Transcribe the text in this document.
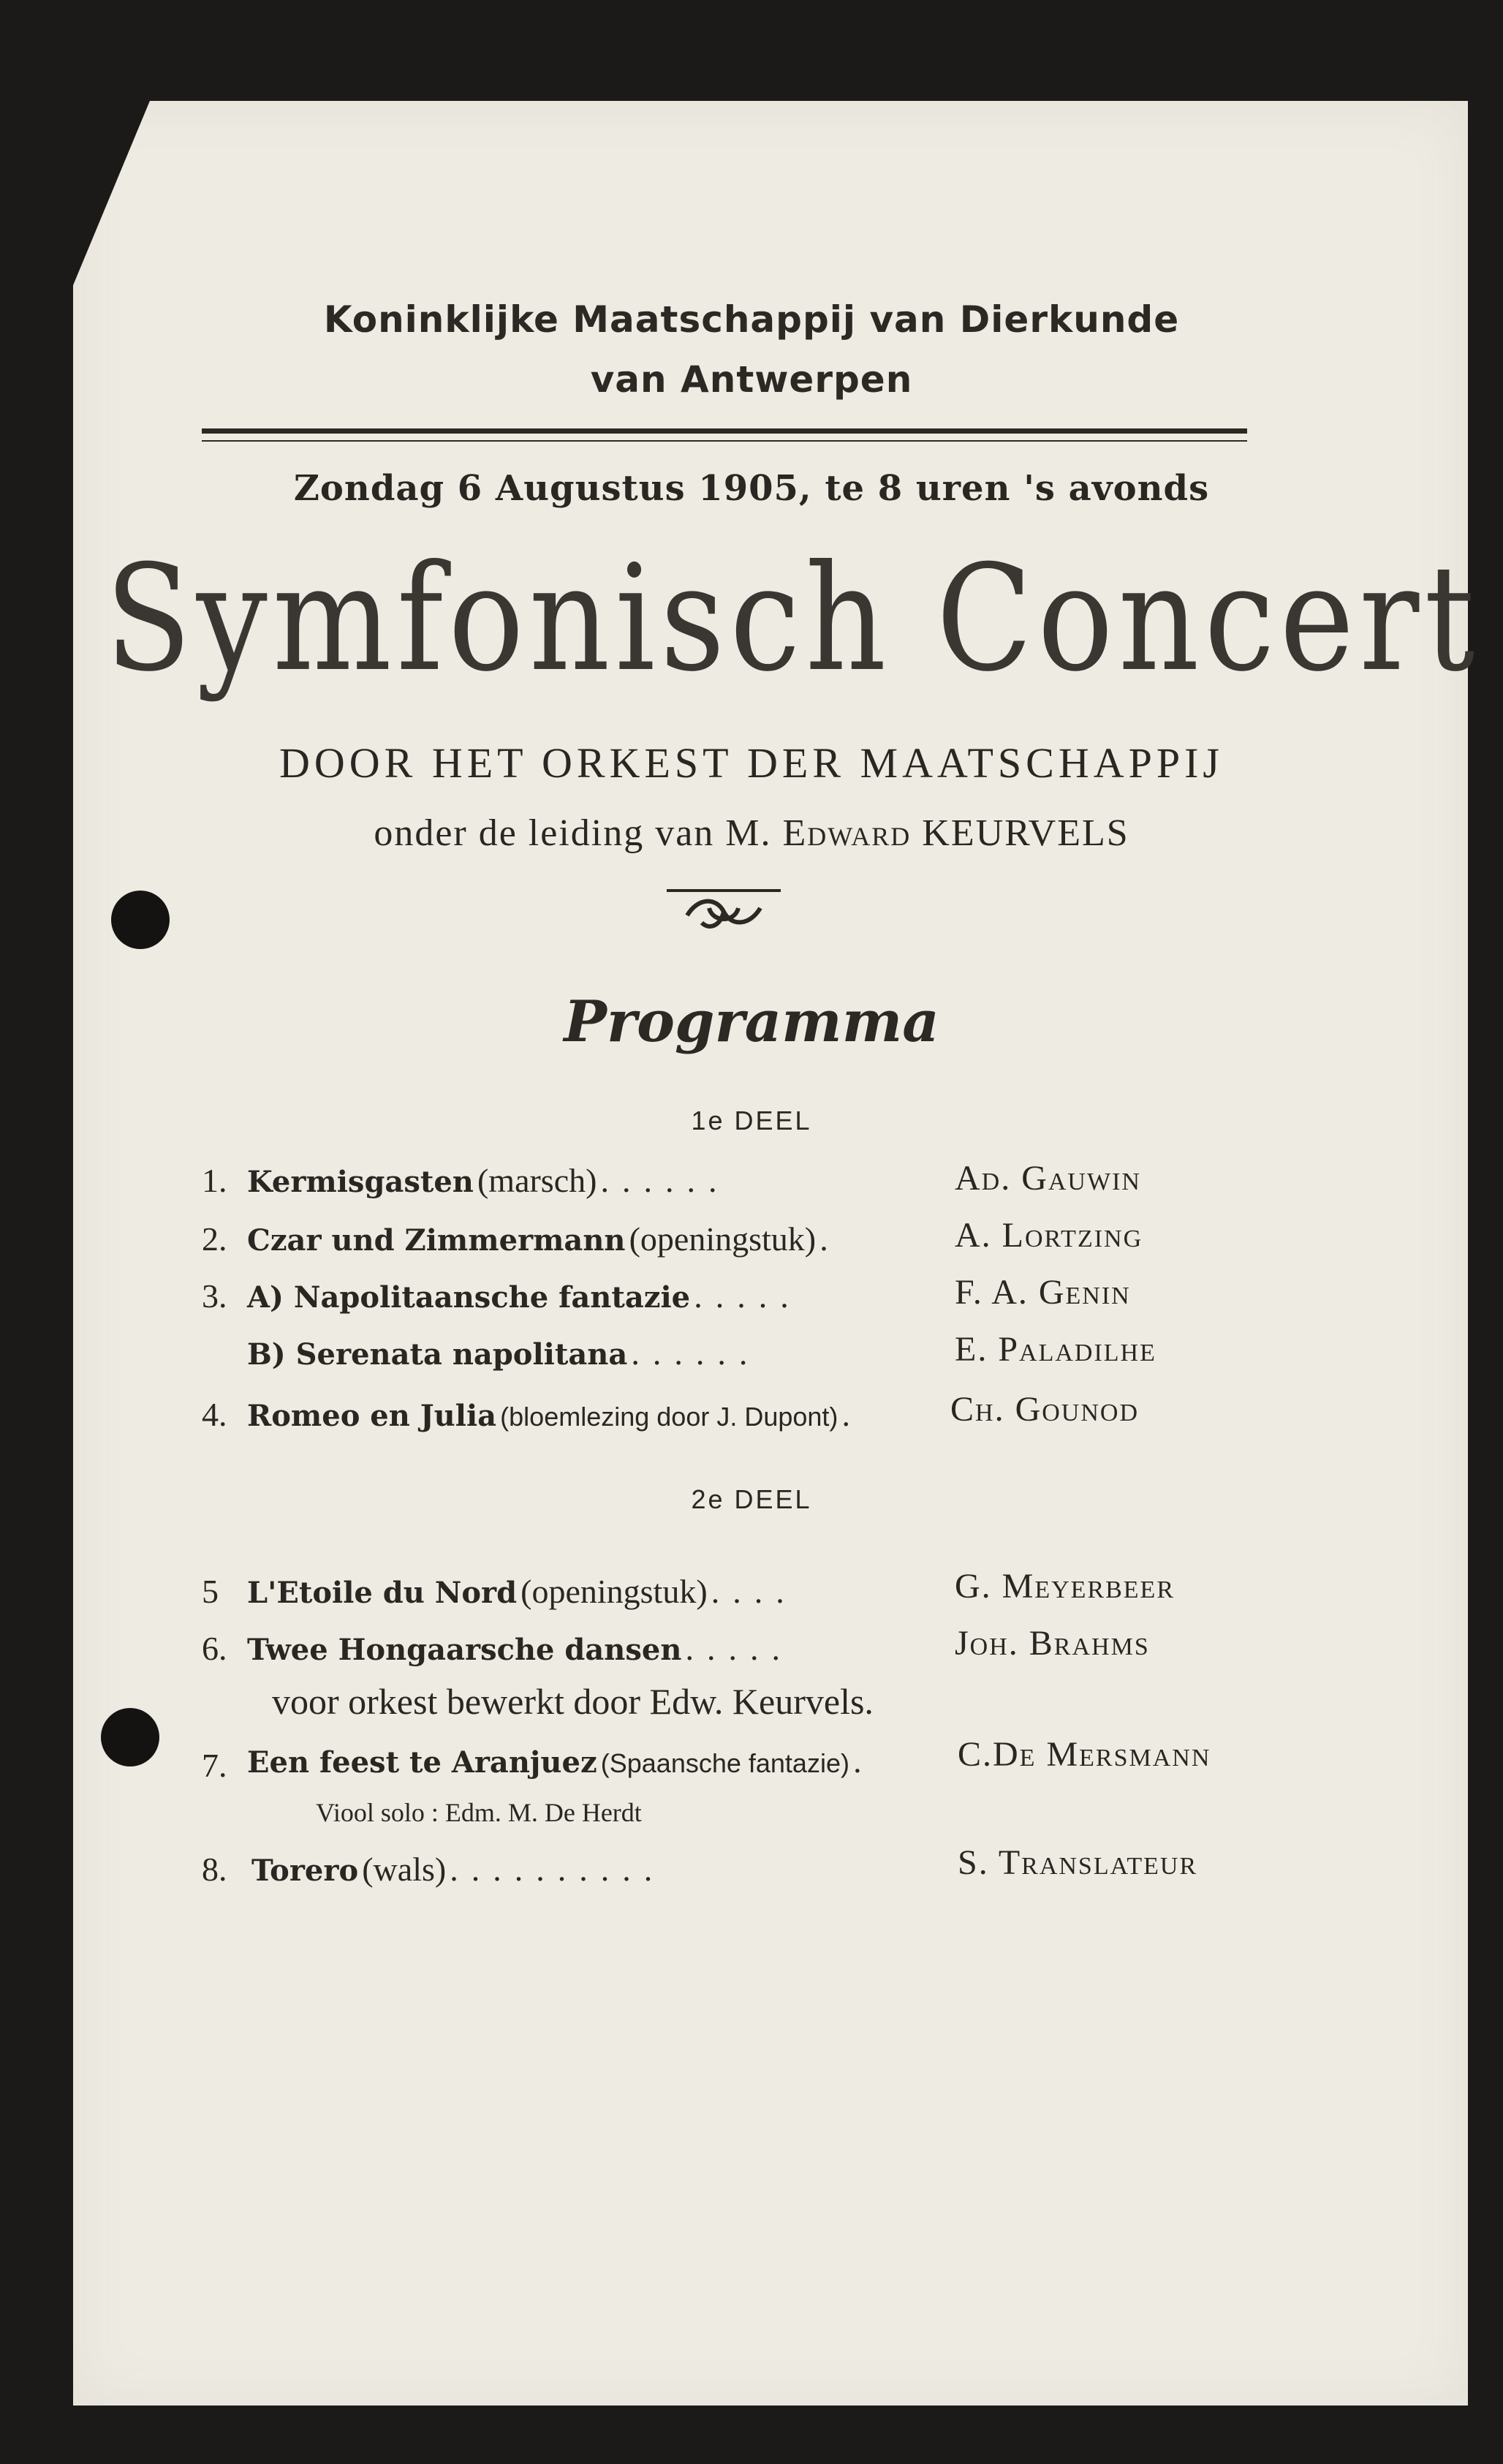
Koninklijke Maatschappij van Dierkunde
van Antwerpen
Zondag 6 Augustus 1905, te 8 uren 's avonds
Symfonisch Concert
DOOR HET ORKEST DER MAATSCHAPPIJ
onder de leiding van M. Edward KEURVELS
Programma
1e DEEL
1. Kermisgasten (marsch) ......	Ad. Gauwin
2. Czar und Zimmermann (openingstuk) .	A. Lortzing
3. A) Napolitaansche fantazie .....	F. A. Genin
B) Serenata napolitana ......	E. Paladilhe
4. Romeo en Julia (bloemlezing door J. Dupont) . Ch. Gounod
2e DEEL
5 L'Etoile du Nord (openingstuk) ....	G. Meyerbeer
6. Twee Hongaarsche dansen .....	Joh. Brahms
voor orkest bewerkt door Edw. Keurvels.
7. Een feest te Aranjuez (Spaansche fantazie) . C.De Mersmann
Viool solo : Edm. M. De Herdt
8. Torero (wals) ..........	S. Translateur
